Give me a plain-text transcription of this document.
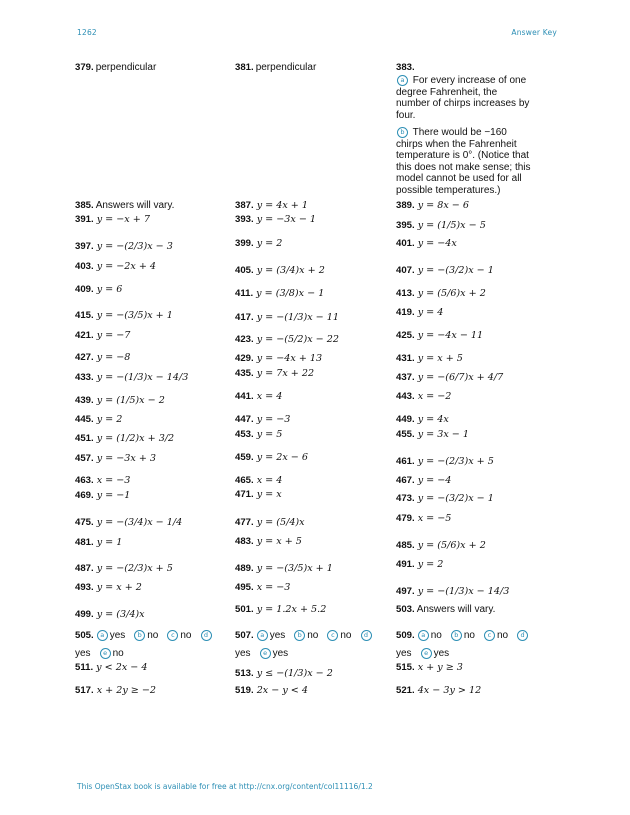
1262	Answer Key
379. perpendicular
385. Answers will vary.
391. y = −x + 7
397. y = −(2/3)x − 3
403. y = −2x + 4
409. y = 6
415. y = −(3/5)x + 1
421. y = −7
427. y = −8
433. y = −(1/3)x − 14/3
439. y = (1/5)x − 2
445. y = 2
451. y = (1/2)x + 3/2
457. y = −3x + 3
463. x = −3
469. y = −1
475. y = −(3/4)x − 1/4
481. y = 1
487. y = −(2/3)x + 5
493. y = x + 2
499. y = (3/4)x
505. a yes b no c no d
yes e no
511. y < 2x − 4
517. x + 2y ≥ −2
381. perpendicular
387. y = 4x + 1
393. y = −3x − 1
399. y = 2
405. y = (3/4)x + 2
411. y = (3/8)x − 1
417. y = −(1/3)x − 11
423. y = −(5/2)x − 22
429. y = −4x + 13
435. y = 7x + 22
441. x = 4
447. y = −3
453. y = 5
459. y = 2x − 6
465. x = 4
471. y = x
477. y = (5/4)x
483. y = x + 5
489. y = −(3/5)x + 1
495. x = −3
501. y = 1.2x + 5.2
507. a yes b no c no d
yes e yes
513. y ≤ −(1/3)x − 2
519. 2x − y < 4
a For every increase of one degree Fahrenheit, the number of chirps increases by four.
b There would be −160 chirps when the Fahrenheit temperature is 0°. (Notice that this does not make sense; this model cannot be used for all possible temperatures.)
383.
389. y = 8x − 6
395. y = (1/5)x − 5
401. y = −4x
407. y = −(3/2)x − 1
413. y = (5/6)x + 2
419. y = 4
425. y = −4x − 11
431. y = x + 5
437. y = −(6/7)x + 4/7
443. x = −2
449. y = 4x
455. y = 3x − 1
461. y = −(2/3)x + 5
467. y = −4
473. y = −(3/2)x − 1
479. x = −5
485. y = (5/6)x + 2
491. y = 2
497. y = −(1/3)x − 14/3
503. Answers will vary.
509. a no b no c no d
yes e yes
515. x + y ≥ 3
521. 4x − 3y > 12
This OpenStax book is available for free at http://cnx.org/content/col11116/1.2
